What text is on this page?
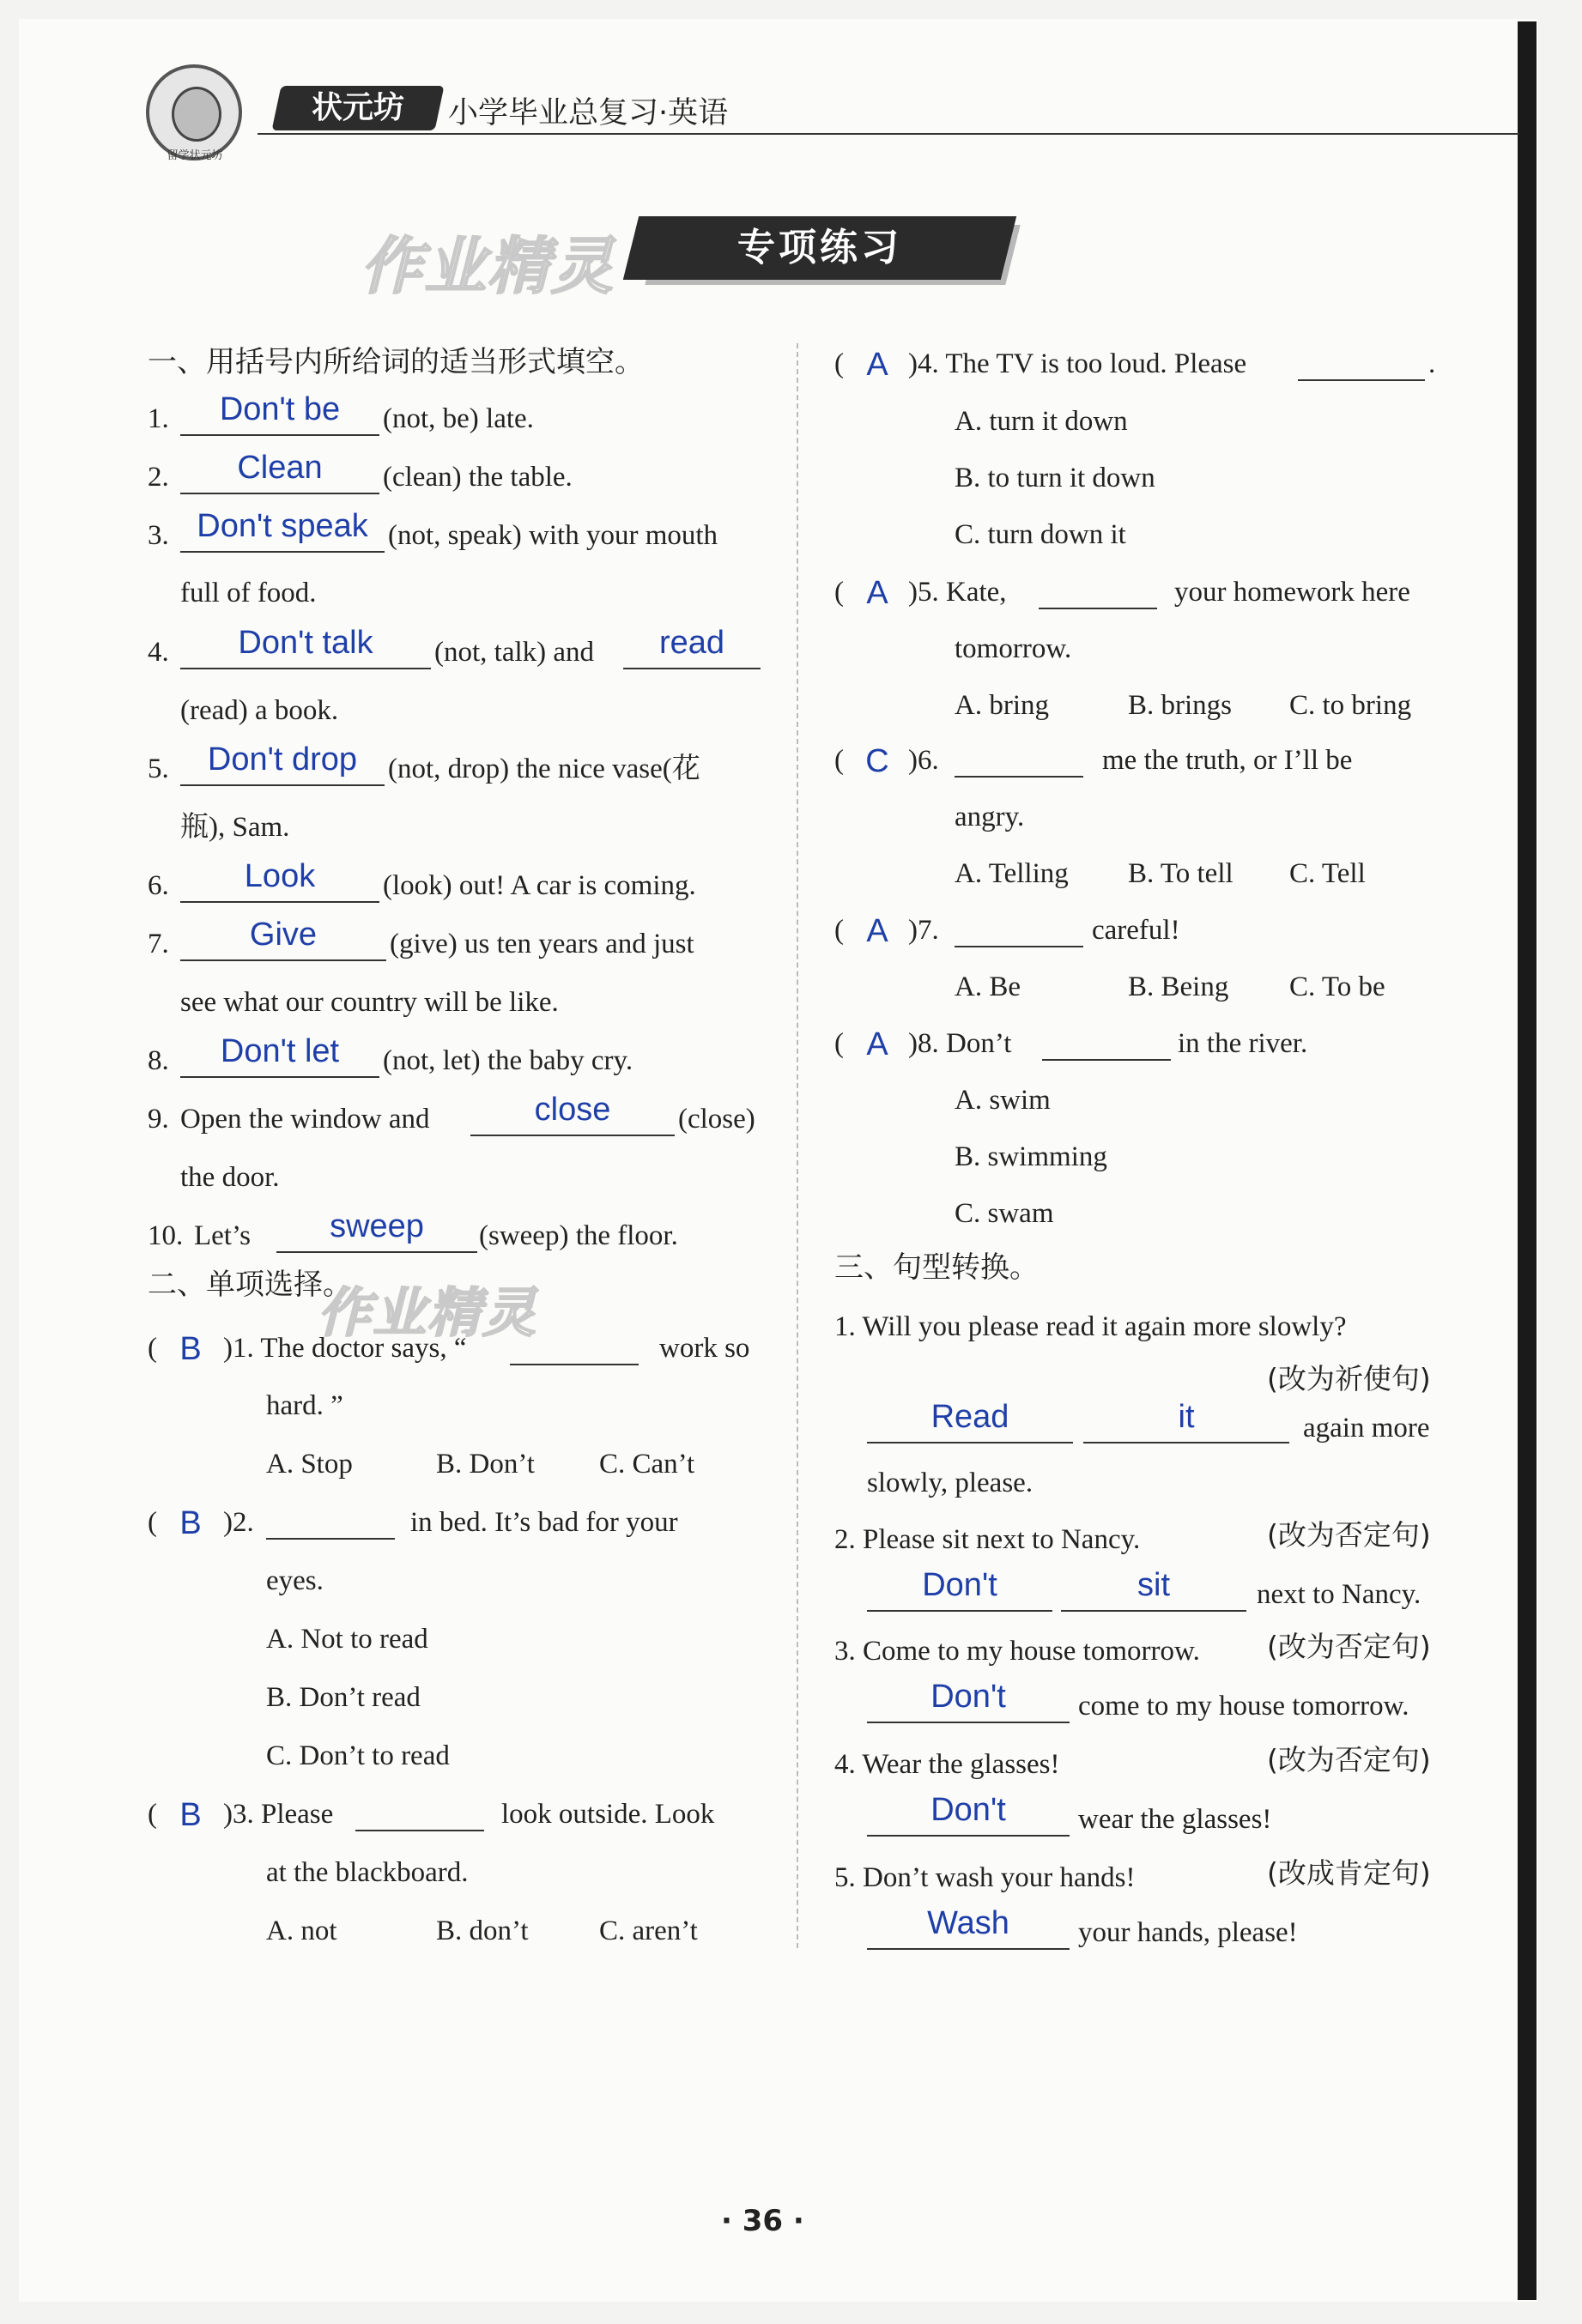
留学状元坊
状元坊	小学毕业总复习·英语
作业精灵	专项练习
一、用括号内所给词的适当形式填空。
1.	Don't be	(not, be) late.
2.	Clean	(clean) the table.
3. Don't speak (not, speak) with your mouth
full of food.
4.	Don't talk	(not, talk) and	read
(read) a book.
5.	Don't drop	(not, drop) the nice vase(花
瓶), Sam.
6.	Look	(look) out! A car is coming.
7.	Give	(give) us ten years and just
see what our country will be like.
8.	Don't let	(not, let) the baby cry.
9. Open the window and	close	(close)
the door.
10. Let’s	sweep	(sweep) the floor.
二、单项选择。
作业精灵
( B )1. The doctor says, “	work so
hard. ”
A. Stop	B. Don’t C. Can’t
( B )2.	in bed. It’s bad for your
eyes.
A. Not to read
B. Don’t read
C. Don’t to read
( B )3. Please	look outside. Look
at the blackboard.
A. not	B. don’t C. aren’t
( A )4. The TV is too loud. Please	.
A. turn it down
B. to turn it down
C. turn down it
( A )5. Kate,	your homework here
tomorrow.
A. bring	B. brings C. to bring
( C )6.	me the truth, or I’ll be
angry.
A. Telling B. To tell C. Tell
( A )7.	careful!
A. Be	B. Being C. To be
( A )8. Don’t	in the river.
A. swim
B. swimming
C. swam
三、句型转换。
1. Will you please read it again more slowly?
(改为祈使句)
Read	it	again more
slowly, please.
2. Please sit next to Nancy.	(改为否定句)
Don't	sit	next to Nancy.
3. Come to my house tomorrow. (改为否定句)
Don't	come to my house tomorrow.
4. Wear the glasses!	(改为否定句)
Don't	wear the glasses!
5. Don’t wash your hands!	(改成肯定句)
Wash	your hands, please!
· 36 ·
